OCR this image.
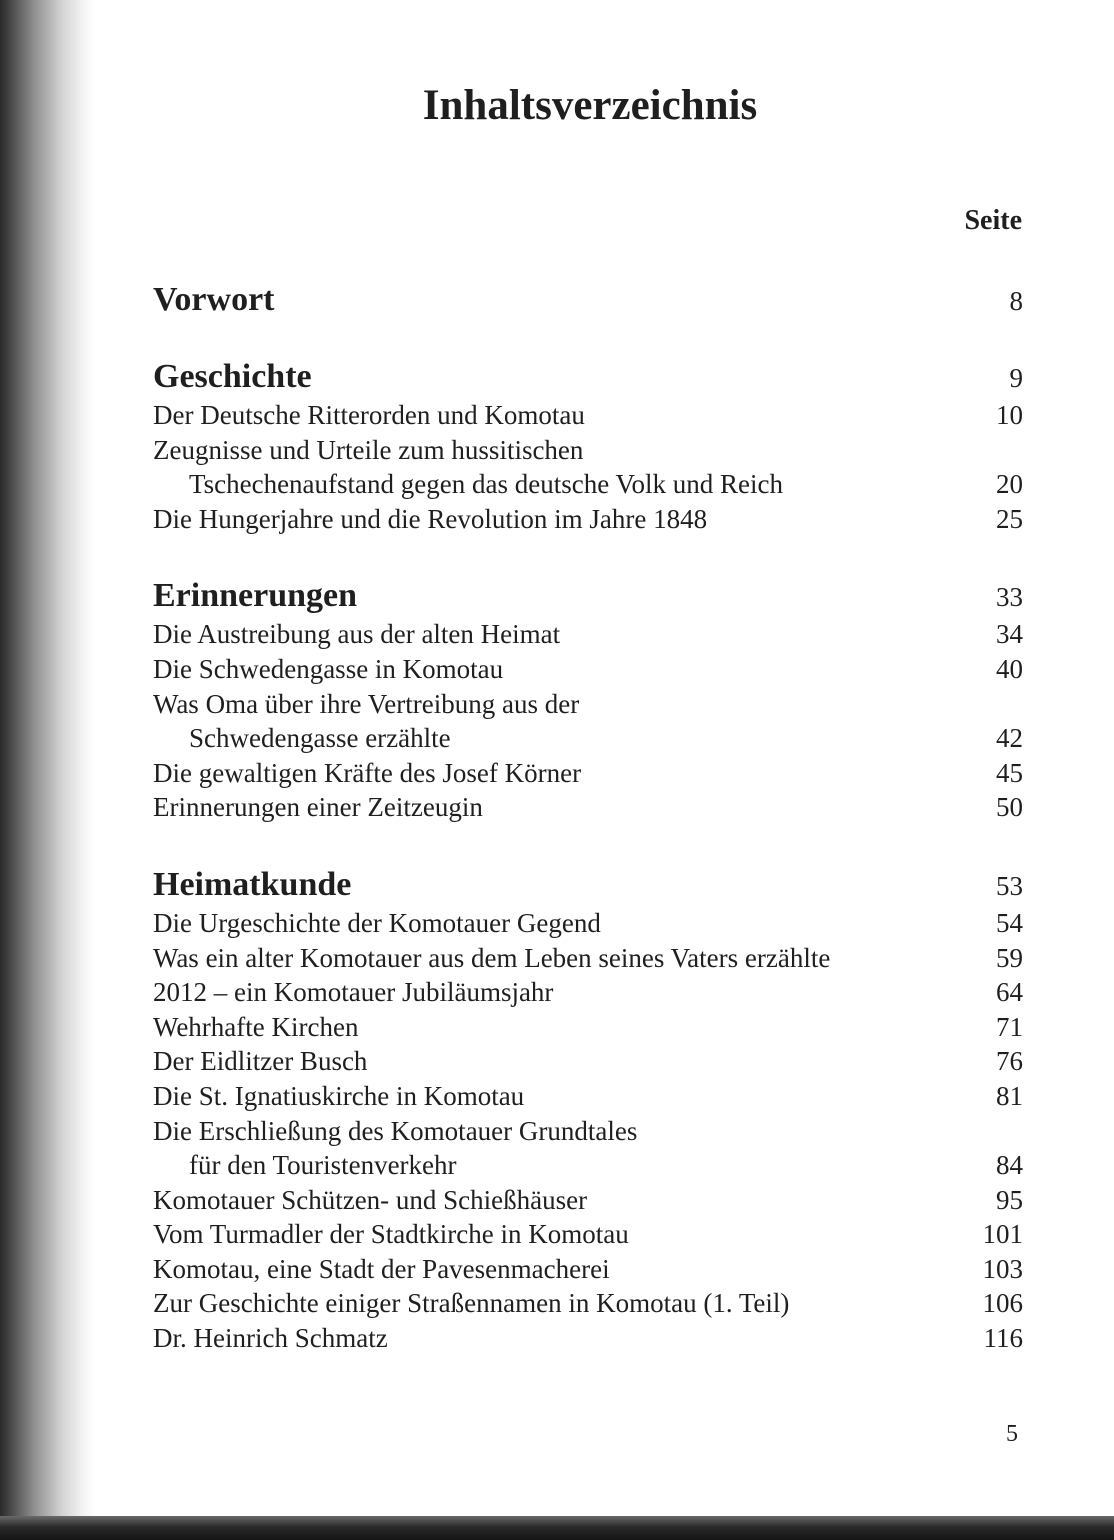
Inhaltsverzeichnis
Seite
Vorwort	8
Geschichte	9
Der Deutsche Ritterorden und Komotau	10
Zeugnisse und Urteile zum hussitischen
Tschechenaufstand gegen das deutsche Volk und Reich	20
Die Hungerjahre und die Revolution im Jahre 1848	25
Erinnerungen	33
Die Austreibung aus der alten Heimat	34
Die Schwedengasse in Komotau	40
Was Oma über ihre Vertreibung aus der
Schwedengasse erzählte	42
Die gewaltigen Kräfte des Josef Körner	45
Erinnerungen einer Zeitzeugin	50
Heimatkunde	53
Die Urgeschichte der Komotauer Gegend	54
Was ein alter Komotauer aus dem Leben seines Vaters erzählte	59
2012 – ein Komotauer Jubiläumsjahr	64
Wehrhafte Kirchen	71
Der Eidlitzer Busch	76
Die St. Ignatiuskirche in Komotau	81
Die Erschließung des Komotauer Grundtales
für den Touristenverkehr	84
Komotauer Schützen- und Schießhäuser	95
Vom Turmadler der Stadtkirche in Komotau	101
Komotau, eine Stadt der Pavesenmacherei	103
Zur Geschichte einiger Straßennamen in Komotau (1. Teil)	106
Dr. Heinrich Schmatz	116
5
